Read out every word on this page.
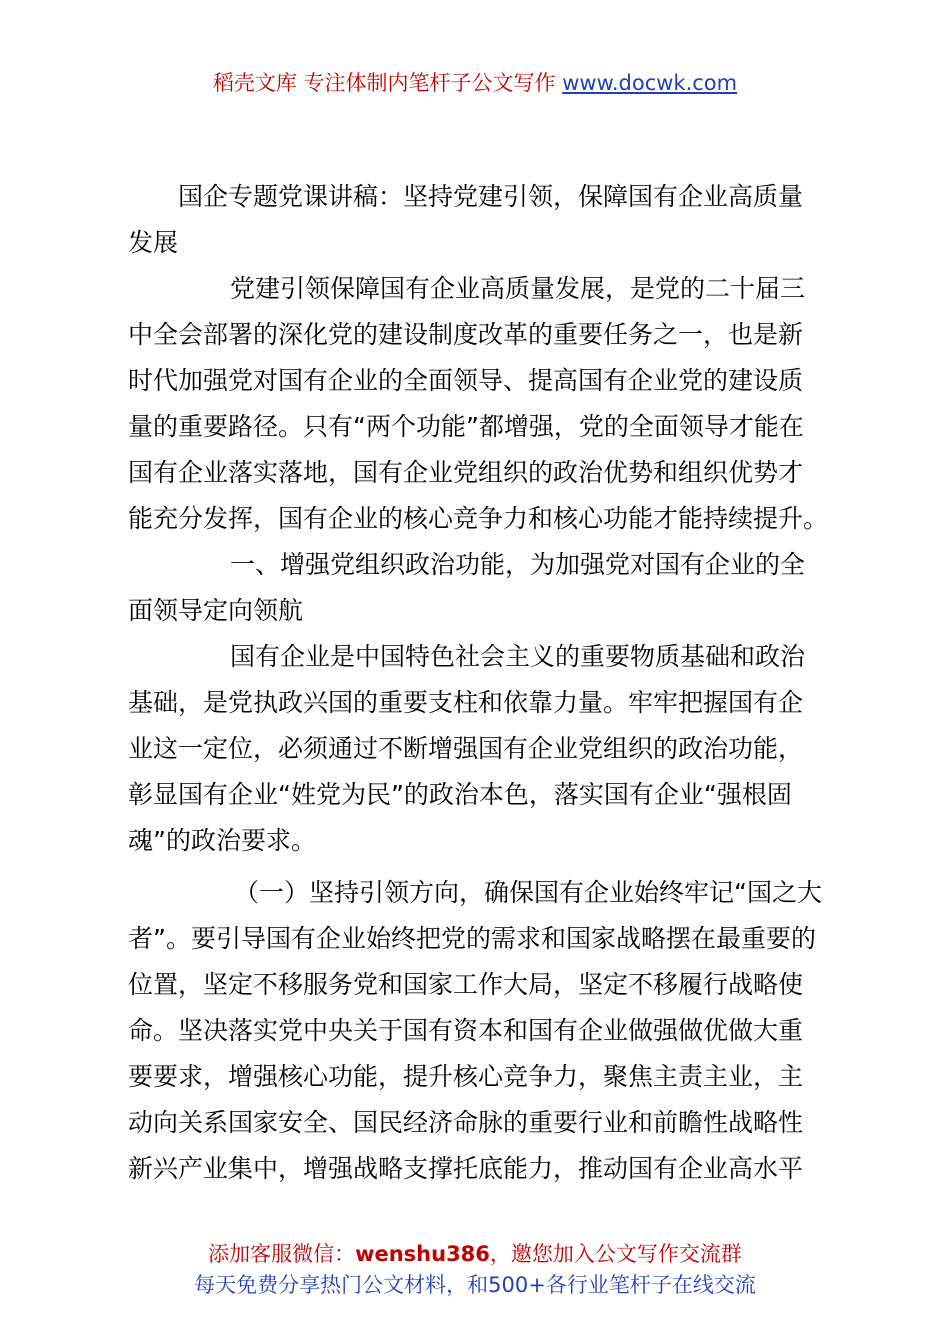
稻壳文库 专注体制内笔杆子公文写作 www.docwk.com

国企专题党课讲稿：坚持党建引领，保障国有企业高质量

发展

党建引领保障国有企业高质量发展，是党的二十届三

中全会部署的深化党的建设制度改革的重要任务之一，也是新

时代加强党对国有企业的全面领导、提高国有企业党的建设质

量的重要路径。只有“两个功能”都增强，党的全面领导才能在

国有企业落实落地，国有企业党组织的政治优势和组织优势才

能充分发挥，国有企业的核心竞争力和核心功能才能持续提升。

一、增强党组织政治功能，为加强党对国有企业的全

面领导定向领航

国有企业是中国特色社会主义的重要物质基础和政治

基础，是党执政兴国的重要支柱和依靠力量。牢牢把握国有企

业这一定位，必须通过不断增强国有企业党组织的政治功能，

彰显国有企业“姓党为民”的政治本色，落实国有企业“强根固

魂”的政治要求。

（一）坚持引领方向，确保国有企业始终牢记“国之大

者”。要引导国有企业始终把党的需求和国家战略摆在最重要的

位置，坚定不移服务党和国家工作大局，坚定不移履行战略使

命。坚决落实党中央关于国有资本和国有企业做强做优做大重

要要求，增强核心功能，提升核心竞争力，聚焦主责主业，主

动向关系国家安全、国民经济命脉的重要行业和前瞻性战略性

新兴产业集中，增强战略支撑托底能力，推动国有企业高水平

添加客服微信：wenshu386，邀您加入公文写作交流群
每天免费分享热门公文材料，和500+各行业笔杆子在线交流
